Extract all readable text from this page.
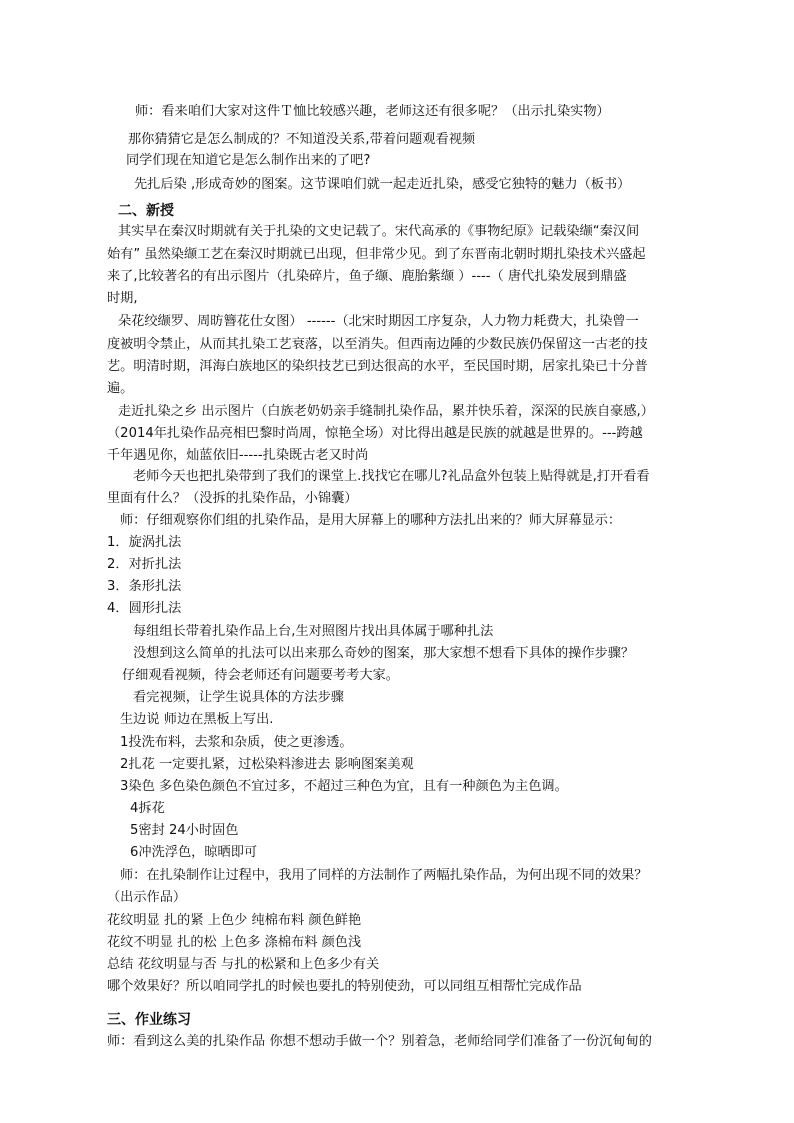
师：看来咱们大家对这件Ｔ恤比较感兴趣，老师这还有很多呢？（出示扎染实物）
那你猜猜它是怎么制成的？不知道没关系,带着问题观看视频
同学们现在知道它是怎么制作出来的了吧?
先扎后染 ,形成奇妙的图案。这节课咱们就一起走近扎染，感受它独特的魅力（板书）
二、新授
其实早在秦汉时期就有关于扎染的文史记载了。宋代高承的《事物纪原》记载染缬“秦汉间
始有” 虽然染缬工艺在秦汉时期就已出现，但非常少见。到了东晋南北朝时期扎染技术兴盛起
来了,比较著名的有出示图片（扎染碎片，鱼子缬、鹿胎紫缬 ）----（ 唐代扎染发展到鼎盛
时期,
朵花绞缬罗、周昉簪花仕女图） ------（北宋时期因工序复杂，人力物力耗费大，扎染曾一
度被明令禁止，从而其扎染工艺衰落，以至消失。但西南边陲的少数民族仍保留这一古老的技
艺。明清时期，洱海白族地区的染织技艺已到达很高的水平，至民国时期，居家扎染已十分普
遍。
走近扎染之乡 出示图片（白族老奶奶亲手缝制扎染作品，累并快乐着，深深的民族自豪感,）
（2014年扎染作品亮相巴黎时尚周，惊艳全场）对比得出越是民族的就越是世界的。---跨越
千年遇见你，灿蓝依旧-----扎染既古老又时尚
老师今天也把扎染带到了我们的课堂上.找找它在哪儿?礼品盒外包装上贴得就是,打开看看
里面有什么？（没拆的扎染作品，小锦囊）
师：仔细观察你们组的扎染作品，是用大屏幕上的哪种方法扎出来的？师大屏幕显示：
1．旋涡扎法
2．对折扎法
3．条形扎法
4．圆形扎法
每组组长带着扎染作品上台,生对照图片找出具体属于哪种扎法
没想到这么简单的扎法可以出来那么奇妙的图案，那大家想不想看下具体的操作步骤？
仔细观看视频，待会老师还有问题要考考大家。
看完视频，让学生说具体的方法步骤
生边说 师边在黑板上写出.
1投洗布料，去浆和杂质，使之更渗透。
2扎花 一定要扎紧，过松染料渗进去 影响图案美观
3染色 多色染色颜色不宜过多，不超过三种色为宜，且有一种颜色为主色调。
4拆花
5密封 24小时固色
6冲洗浮色，晾晒即可
师：在扎染制作让过程中，我用了同样的方法制作了两幅扎染作品，为何出现不同的效果？
（出示作品）
花纹明显 扎的紧 上色少 纯棉布料 颜色鲜艳
花纹不明显 扎的松 上色多 涤棉布料 颜色浅
总结 花纹明显与否 与扎的松紧和上色多少有关
哪个效果好？所以咱同学扎的时候也要扎的特别使劲，可以同组互相帮忙完成作品
三、作业练习
师：看到这么美的扎染作品 你想不想动手做一个？别着急，老师给同学们准备了一份沉甸甸的
